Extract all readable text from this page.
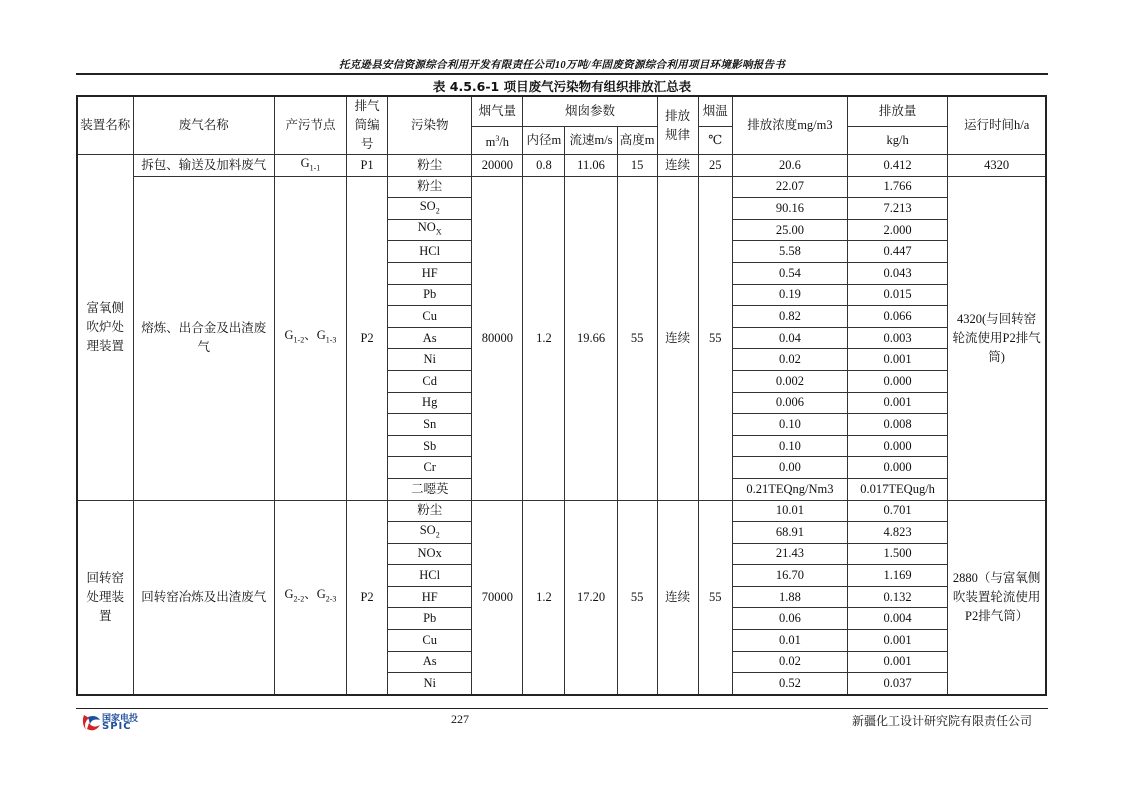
托克逊县安信资源综合利用开发有限责任公司10万吨/年固废资源综合利用项目环境影响报告书
表 4.5.6-1 项目废气污染物有组织排放汇总表
装置名称	废气名称	产污节点	排气筒编号	污染物	烟气量	烟囱参数			排放规律	烟温	排放浓度mg/m3	排放量	运行时间h/a
					$m^3/h$	内径m	流速m/s	高度m		℃		kg/h	
富氧侧吹炉处理装置	拆包、输送及加料废气	$G_{1-1}$	P1	粉尘	20000	0.8	11.06	15	连续	25	20.6	0.412	4320
	熔炼、出合金及出渣废气	$G_{1-2}$、$G_{1-3}$	P2	粉尘	80000	1.2	19.66	55	连续	55	22.07	1.766	4320(与回转窑轮流使用P2排气筒)
				$SO_2$							90.16	7.213	
				$NO_X$							25.00	2.000	
				HCl							5.58	0.447	
				HF							0.54	0.043	
				Pb							0.19	0.015	
				Cu							0.82	0.066	
				As							0.04	0.003	
				Ni							0.02	0.001	
				Cd							0.002	0.000	
				Hg							0.006	0.001	
				Sn							0.10	0.008	
				Sb							0.10	0.000	
				Cr							0.00	0.000	
				二噁英							0.21TEQng/Nm3	0.017TEQug/h	
回转窑处理装置	回转窑冶炼及出渣废气	$G_{2-2}$、$G_{2-3}$	P2	粉尘	70000	1.2	17.20	55	连续	55	10.01	0.701	2880（与富氧侧吹装置轮流使用P2排气筒）
				$SO_2$							68.91	4.823	
				NOx							21.43	1.500	
				HCl							16.70	1.169	
				HF							1.88	0.132	
				Pb							0.06	0.004	
				Cu							0.01	0.001	
				As							0.02	0.001	
				Ni							0.52	0.037	
国家电投
SPIC
227	新疆化工设计研究院有限责任公司
